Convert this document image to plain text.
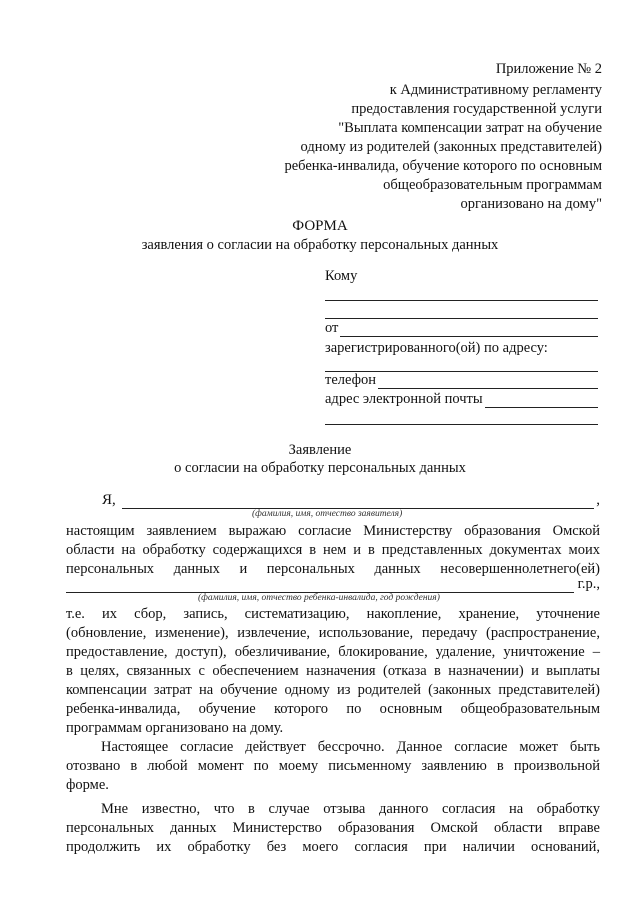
Приложение № 2
к Административному регламенту
предоставления государственной услуги
"Выплата компенсации затрат на обучение
одному из родителей (законных представителей)
ребенка-инвалида, обучение которого по основным
общеобразовательным программам
организовано на дому"
ФОРМА
заявления о согласии на обработку персональных данных
Кому
от
зарегистрированного(ой) по адресу:
телефон
адрес электронной почты
Заявление
о согласии на обработку персональных данных
Я,	,
(фамилия, имя, отчество заявителя)
настоящим заявлением выражаю согласие Министерству образования Омской
области на обработку содержащихся в нем и в представленных документах моих
персональных данных и персональных данных несовершеннолетнего(ей)
г.р.,
(фамилия, имя, отчество ребенка-инвалида, год рождения)
т.е. их сбор, запись, систематизацию, накопление, хранение, уточнение
(обновление, изменение), извлечение, использование, передачу (распространение,
предоставление, доступ), обезличивание, блокирование, удаление, уничтожение –
в целях, связанных с обеспечением назначения (отказа в назначении) и выплаты
компенсации затрат на обучение одному из родителей (законных представителей)
ребенка-инвалида, обучение которого по основным общеобразовательным
программам организовано на дому.
Настоящее согласие действует бессрочно. Данное согласие может быть
отозвано в любой момент по моему письменному заявлению в произвольной
форме.
Мне известно, что в случае отзыва данного согласия на обработку
персональных данных Министерство образования Омской области вправе
продолжить их обработку без моего согласия при наличии оснований,
